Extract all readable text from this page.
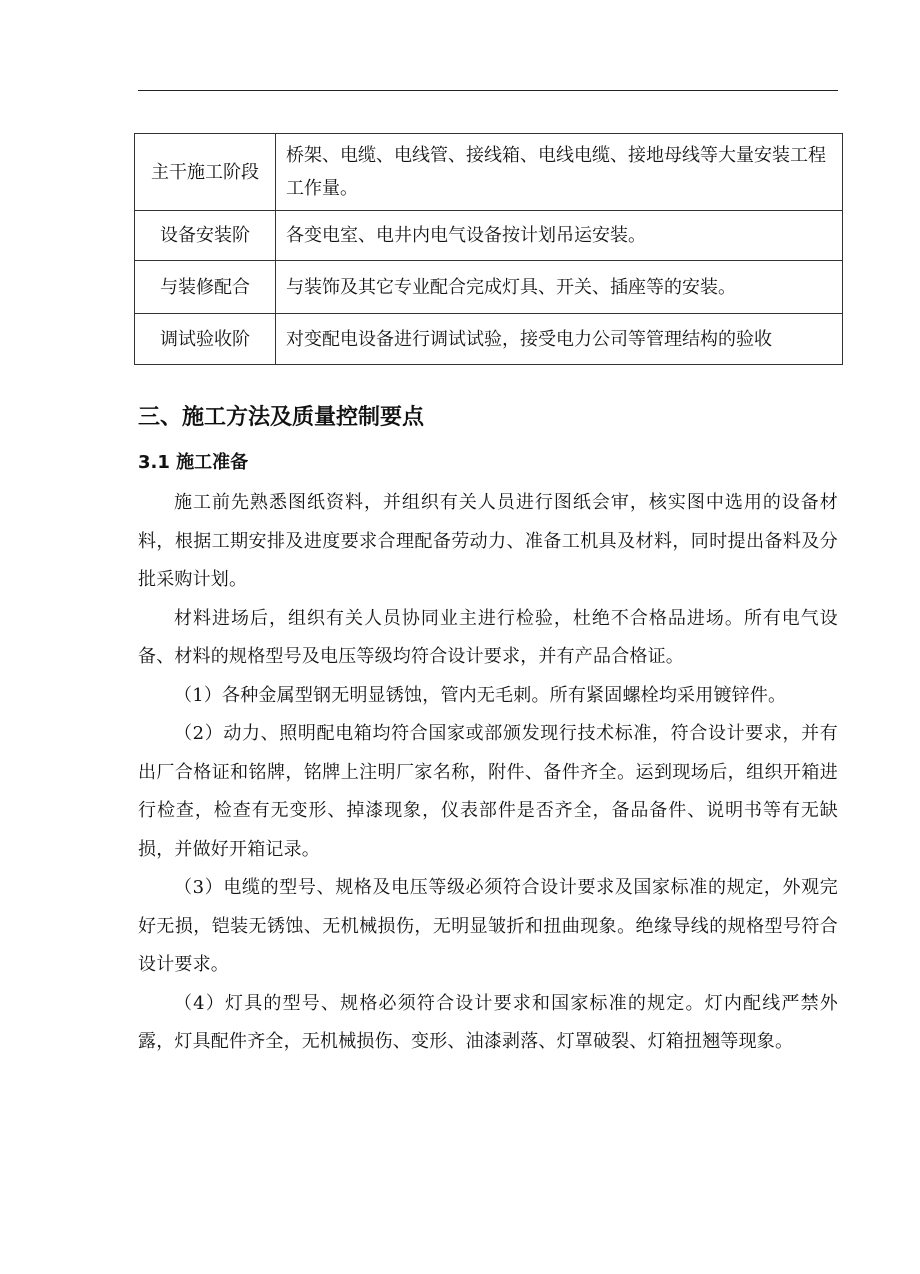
主干施工阶段	桥架、电缆、电线管、接线箱、电线电缆、接地母线等大量安装工程工作量。
设备安装阶	各变电室、电井内电气设备按计划吊运安装。
与装修配合	与装饰及其它专业配合完成灯具、开关、插座等的安装。
调试验收阶	对变配电设备进行调试试验，接受电力公司等管理结构的验收
三、施工方法及质量控制要点
3.1 施工准备

施工前先熟悉图纸资料，并组织有关人员进行图纸会审，核实图中选用的设备材料，根据工期安排及进度要求合理配备劳动力、准备工机具及材料，同时提出备料及分批采购计划。

材料进场后，组织有关人员协同业主进行检验，杜绝不合格品进场。所有电气设备、材料的规格型号及电压等级均符合设计要求，并有产品合格证。

（1）各种金属型钢无明显锈蚀，管内无毛刺。所有紧固螺栓均采用镀锌件。

（2）动力、照明配电箱均符合国家或部颁发现行技术标准，符合设计要求，并有出厂合格证和铭牌，铭牌上注明厂家名称，附件、备件齐全。运到现场后，组织开箱进行检查，检查有无变形、掉漆现象，仪表部件是否齐全，备品备件、说明书等有无缺损，并做好开箱记录。

（3）电缆的型号、规格及电压等级必须符合设计要求及国家标准的规定，外观完好无损，铠装无锈蚀、无机械损伤，无明显皱折和扭曲现象。绝缘导线的规格型号符合设计要求。

（4）灯具的型号、规格必须符合设计要求和国家标准的规定。灯内配线严禁外露，灯具配件齐全，无机械损伤、变形、油漆剥落、灯罩破裂、灯箱扭翘等现象。
